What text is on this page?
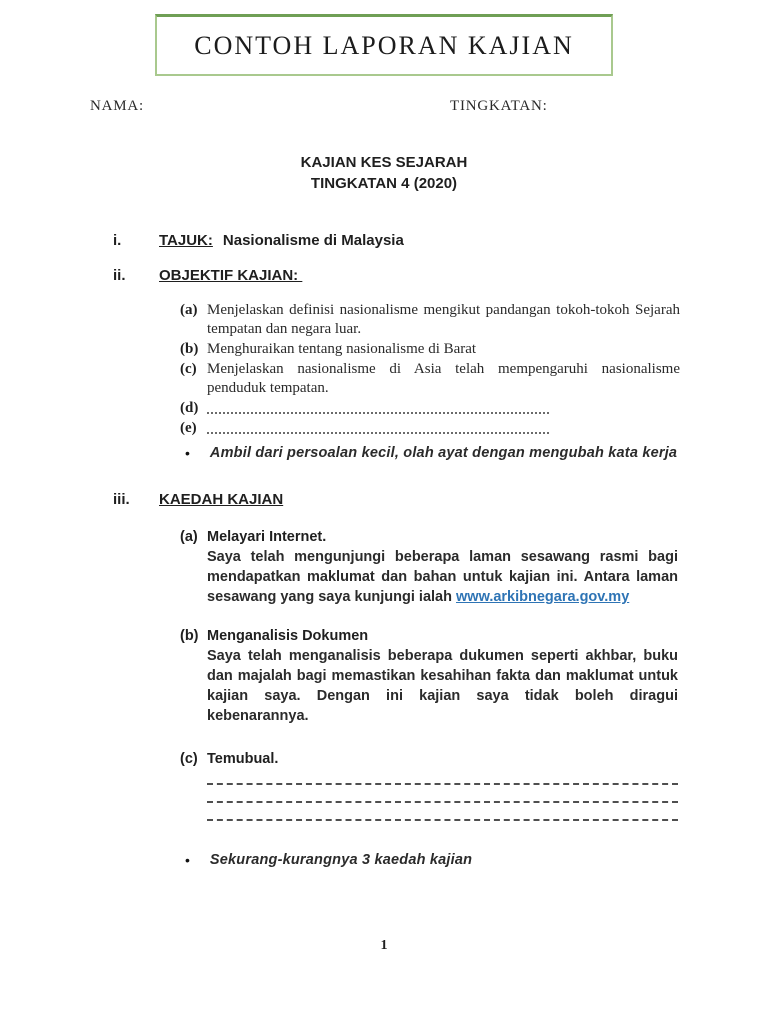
CONTOH LAPORAN KAJIAN
NAMA:	TINGKATAN:
KAJIAN KES SEJARAH
TINGKATAN 4 (2020)
i.	TAJUK: Nasionalisme di Malaysia
ii.	OBJEKTIF KAJIAN:
(a) Menjelaskan definisi nasionalisme mengikut pandangan tokoh-tokoh Sejarah tempatan dan negara luar.
(b) Menghuraikan tentang nasionalisme di Barat
(c) Menjelaskan nasionalisme di Asia telah mempengaruhi nasionalisme penduduk tempatan.
(d)
(e)
• Ambil dari persoalan kecil, olah ayat dengan mengubah kata kerja
iii.	KAEDAH KAJIAN
(a) Melayari Internet.
Saya telah mengunjungi beberapa laman sesawang rasmi bagi mendapatkan maklumat dan bahan untuk kajian ini. Antara laman sesawang yang saya kunjungi ialah www.arkibnegara.gov.my
(b) Menganalisis Dokumen
Saya telah menganalisis beberapa dukumen seperti akhbar, buku dan majalah bagi memastikan kesahihan fakta dan maklumat untuk kajian saya. Dengan ini kajian saya tidak boleh diragui kebenarannya.
(c) Temubual.
• Sekurang-kurangnya 3 kaedah kajian
1
